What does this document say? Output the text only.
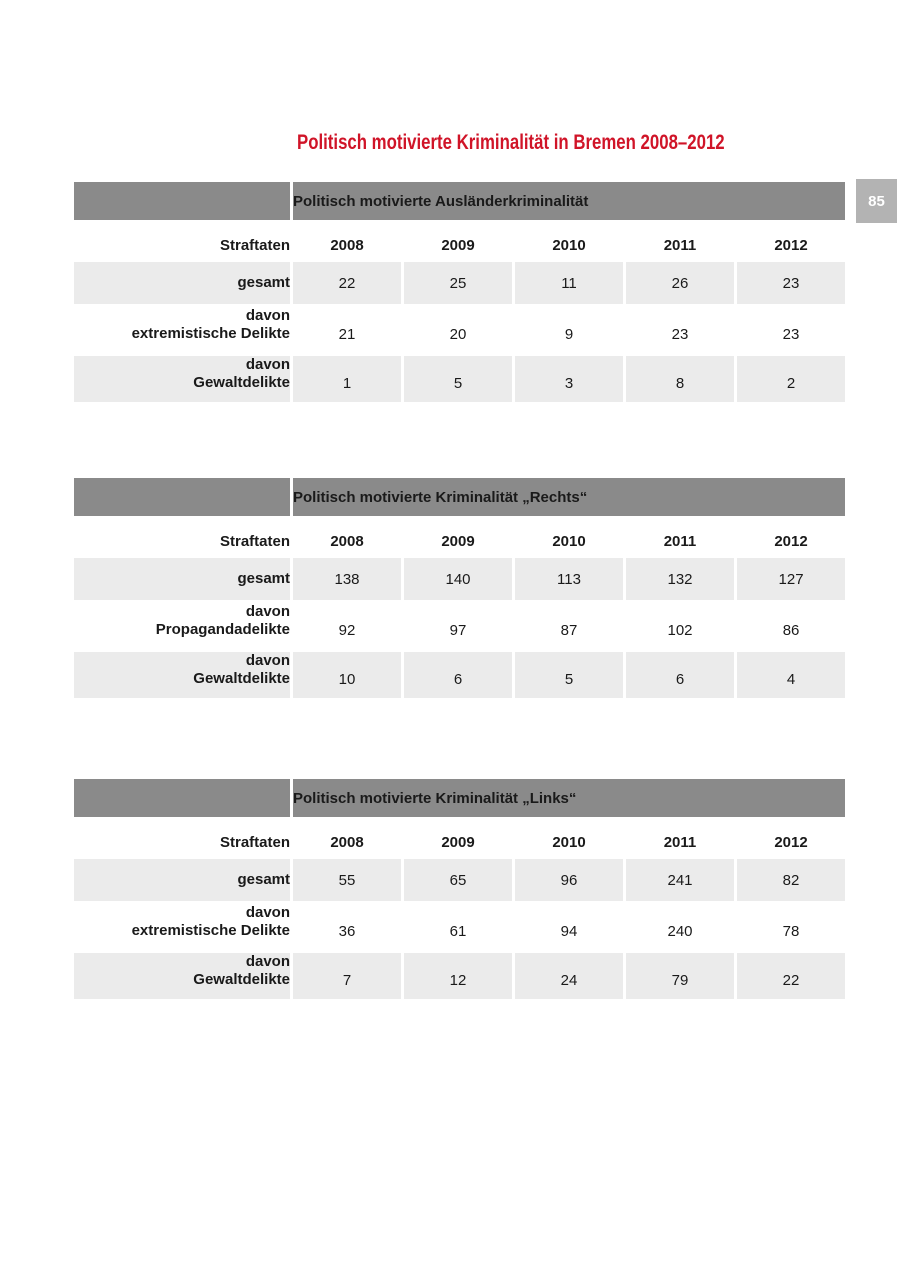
Politisch motivierte Kriminalität in Bremen 2008–2012
85
	Politisch motivierte Ausländerkriminalität				
Straftaten	2008	2009	2010	2011	2012

gesamt	22	25	11	26	23

davon
extremistische Delikte	21	20	9	23	23

davon
Gewaltdelikte	1	5	3	8	2
	Politisch motivierte Kriminalität „Rechts“				
Straftaten	2008	2009	2010	2011	2012

gesamt	138	140	113	132	127

davon
Propagandadelikte	92	97	87	102	86

davon
Gewaltdelikte	10	6	5	6	4
	Politisch motivierte Kriminalität „Links“				
Straftaten	2008	2009	2010	2011	2012

gesamt	55	65	96	241	82

davon
extremistische Delikte	36	61	94	240	78

davon
Gewaltdelikte	7	12	24	79	22
